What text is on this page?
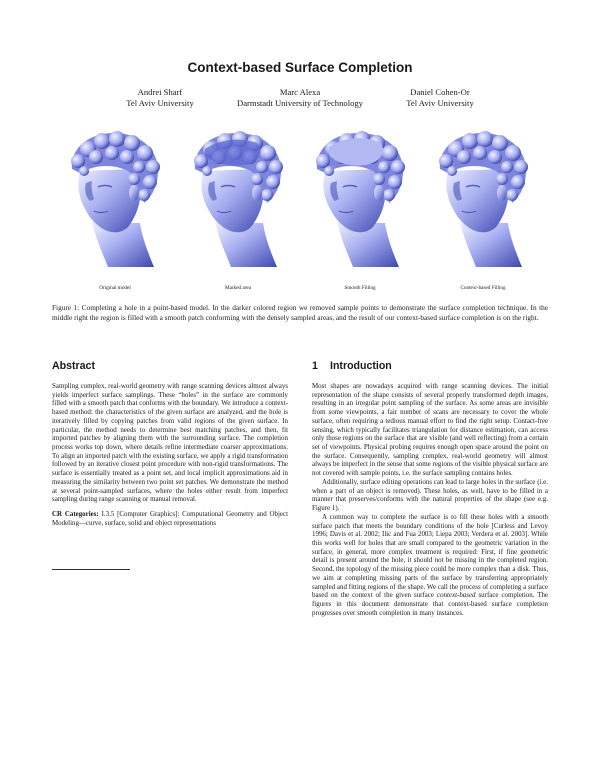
Context-based Surface Completion
Andrei Sharf
Tel Aviv University
Marc Alexa
Darmstadt University of Technology
Daniel Cohen-Or
Tel Aviv University
Original model	Marked area	Smooth Filling	Context-based Filling
Figure 1: Completing a hole in a point-based model. In the darker colored region we removed sample points to demonstrate the surface completion technique. In the middle right the region is filled with a smooth patch conforming with the densely sampled areas, and the result of our context-based surface completion is on the right.
Abstract

Sampling complex, real-world geometry with range scanning devices almost always yields imperfect surface samplings. These “holes” in the surface are commonly filled with a smooth patch that conforms with the boundary. We introduce a context-based method: the characteristics of the given surface are analyzed, and the hole is iteratively filled by copying patches from valid regions of the given surface. In particular, the method needs to determine best matching patches, and then, fit imported patches by aligning them with the surrounding surface. The completion process works top down, where details refine intermediate coarser approximations. To align an imported patch with the existing surface, we apply a rigid transformation followed by an iterative closest point procedure with non-rigid transformations. The surface is essentially treated as a point set, and local implicit approximations aid in measuring the similarity between two point set patches. We demonstrate the method at several point-sampled surfaces, where the holes either result from imperfect sampling during range scanning or manual removal.

CR Categories: I.3.5 [Computer Graphics]: Computational Geometry and Object Modeling—curve, surface, solid and object representations

1 Introduction

Most shapes are nowadays acquired with range scanning devices. The initial representation of the shape consists of several properly transformed depth images, resulting in an irregular point sampling of the surface. As some areas are invisible from some viewpoints, a fair number of scans are necessary to cover the whole surface, often requiring a tedious manual effort to find the right setup. Contact-free sensing, which typically facilitates triangulation for distance estimation, can access only those regions on the surface that are visible (and well reflecting) from a certain set of viewpoints. Physical probing requires enough open space around the point on the surface. Consequently, sampling complex, real-world geometry will almost always be imperfect in the sense that some regions of the visible physical surface are not covered with sample points, i.e. the surface sampling contains holes.

Additionally, surface editing operations can lead to large holes in the surface (i.e. when a part of an object is removed). These holes, as well, have to be filled in a manner that preserves/conforms with the natural properties of the shape (see e.g. Figure 1).

A common way to complete the surface is to fill these holes with a smooth surface patch that meets the boundary conditions of the hole [Curless and Levoy 1996; Davis et al. 2002; Ilic and Fua 2003; Liepa 2003; Verdera et al. 2003]. While this works well for holes that are small compared to the geometric variation in the surface, in general, more complex treatment is required: First, if fine geometric detail is present around the hole, it should not be missing in the completed region. Second, the topology of the missing piece could be more complex than a disk. Thus, we aim at completing missing parts of the surface by transferring appropriately sampled and fitting regions of the shape. We call the process of completing a surface based on the context of the given surface context-based surface completion. The figures in this document demonstrate that context-based surface completion progresses over smooth completion in many instances.
